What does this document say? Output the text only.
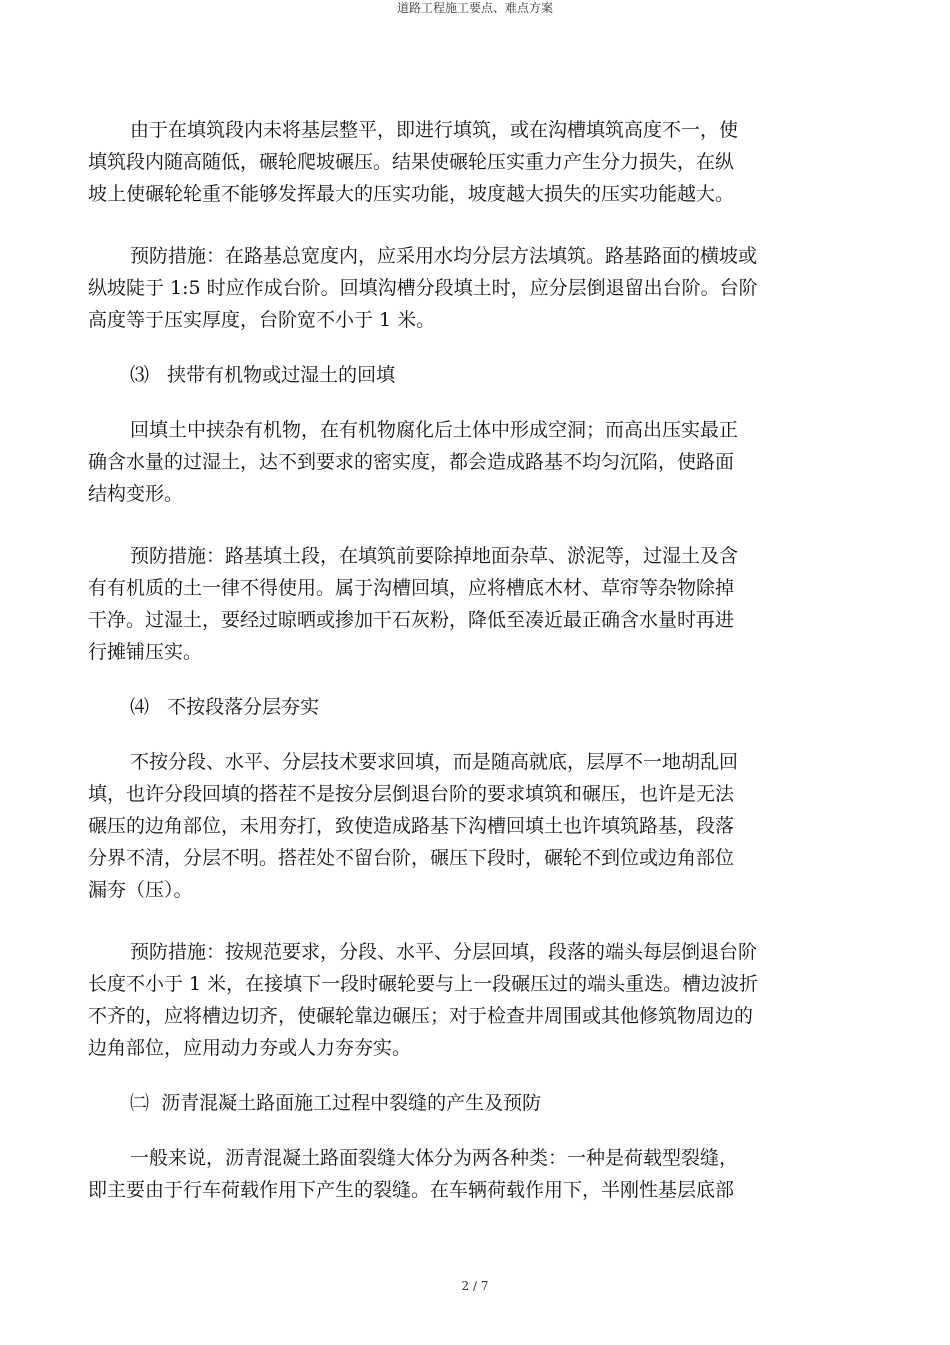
道路工程施工要点、难点方案

由于在填筑段内未将基层整平，即进行填筑，或在沟槽填筑高度不一，使
填筑段内随高随低，碾轮爬坡碾压。结果使碾轮压实重力产生分力损失，在纵
坡上使碾轮轮重不能够发挥最大的压实功能，坡度越大损失的压实功能越大。

预防措施：在路基总宽度内，应采用水均分层方法填筑。路基路面的横坡或
纵坡陡于 1:5 时应作成台阶。回填沟槽分段填土时，应分层倒退留出台阶。台阶
高度等于压实厚度，台阶宽不小于 1 米。

⑶   挟带有机物或过湿土的回填

回填土中挟杂有机物，在有机物腐化后土体中形成空洞；而高出压实最正
确含水量的过湿土，达不到要求的密实度，都会造成路基不均匀沉陷，使路面
结构变形。

预防措施：路基填土段，在填筑前要除掉地面杂草、淤泥等，过湿土及含
有有机质的土一律不得使用。属于沟槽回填，应将槽底木材、草帘等杂物除掉
干净。过湿土，要经过晾晒或掺加干石灰粉，降低至凑近最正确含水量时再进
行摊铺压实。

⑷   不按段落分层夯实

不按分段、水平、分层技术要求回填，而是随高就底，层厚不一地胡乱回
填，也许分段回填的搭茬不是按分层倒退台阶的要求填筑和碾压，也许是无法
碾压的边角部位，未用夯打，致使造成路基下沟槽回填土也许填筑路基，段落
分界不清，分层不明。搭茬处不留台阶，碾压下段时，碾轮不到位或边角部位
漏夯（压）。

预防措施：按规范要求，分段、水平、分层回填，段落的端头每层倒退台阶
长度不小于 1 米，在接填下一段时碾轮要与上一段碾压过的端头重迭。槽边波折
不齐的，应将槽边切齐，使碾轮靠边碾压；对于检查井周围或其他修筑物周边的
边角部位，应用动力夯或人力夯夯实。

㈡  沥青混凝土路面施工过程中裂缝的产生及预防

一般来说，沥青混凝土路面裂缝大体分为两各种类：一种是荷载型裂缝，
即主要由于行车荷载作用下产生的裂缝。在车辆荷载作用下，半刚性基层底部

2 / 7
